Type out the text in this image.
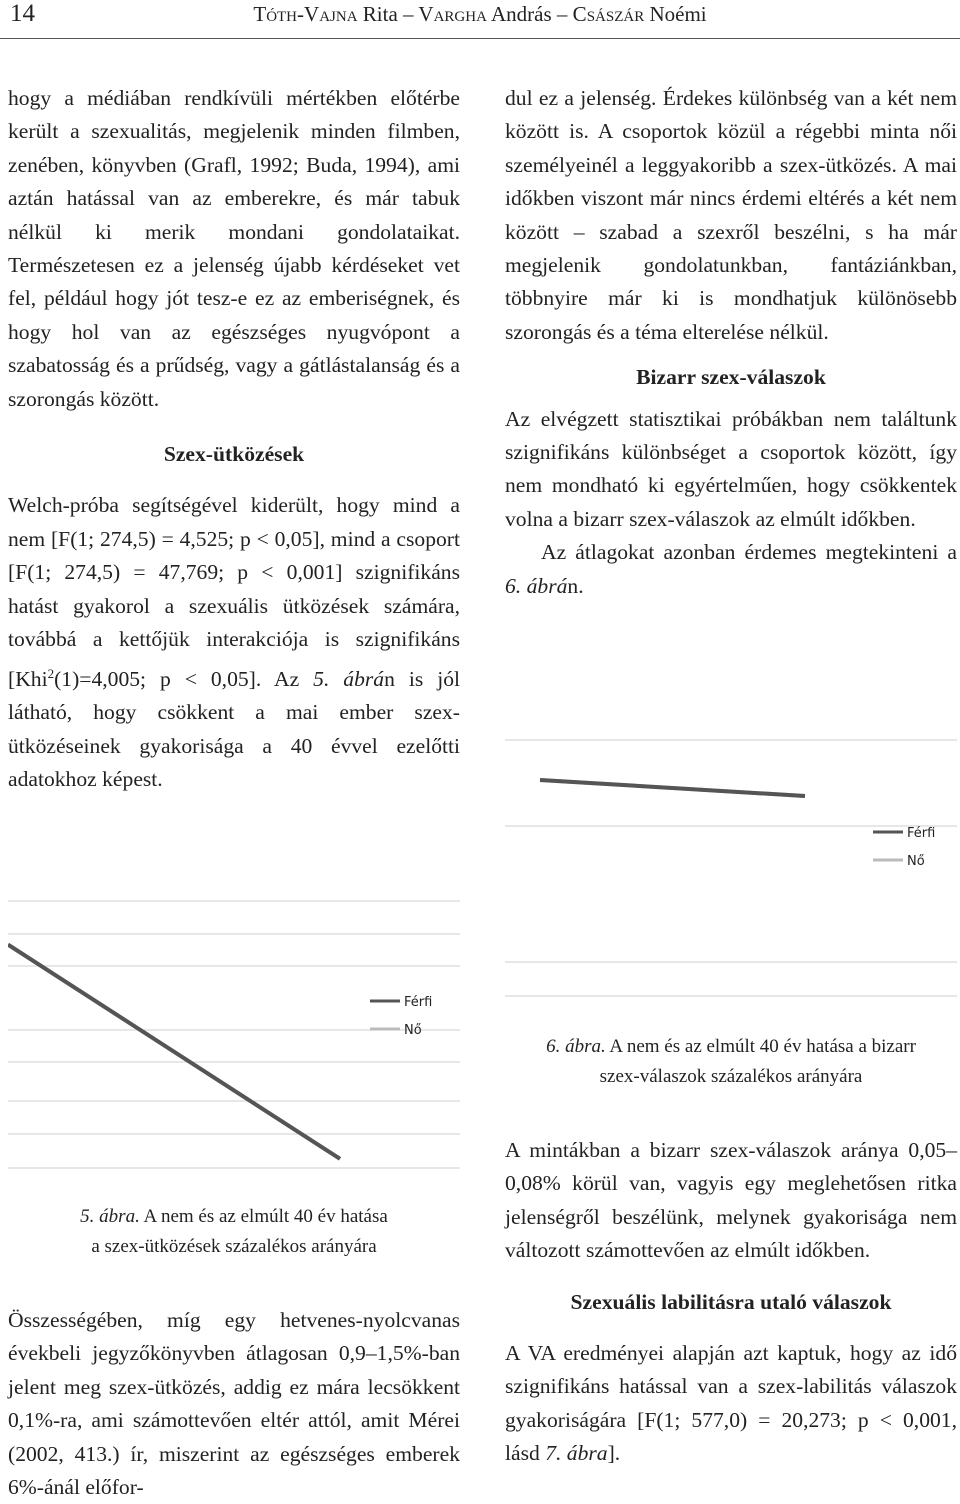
14	Tóth-Vajna Rita – Vargha András – Császár Noémi

hogy a médiában rendkívüli mértékben előtérbe került a szexualitás, megjelenik minden filmben, zenében, könyvben (Grafl, 1992; Buda, 1994), ami aztán hatással van az emberekre, és már tabuk nélkül ki merik mondani gondolataikat. Természetesen ez a jelenség újabb kérdéseket vet fel, például hogy jót tesz-e ez az emberiségnek, és hogy hol van az egészséges nyugvópont a szabatosság és a prűdség, vagy a gátlástalanság és a szorongás között.

Szex-ütközések

Welch-próba segítségével kiderült, hogy mind a nem [F(1; 274,5) = 4,525; p < 0,05], mind a csoport [F(1; 274,5) = 47,769; p < 0,001] szignifikáns hatást gyakorol a szexuális ütközések számára, továbbá a kettőjük interakciója is szignifikáns [Khi$^2$(1)=4,005; p < 0,05]. Az 5. ábrán is jól látható, hogy csökkent a mai ember szex-ütközéseinek gyakorisága a 40 évvel ezelőtti adatokhoz képest.

Férfi
Nő
5. ábra. A nem és az elmúlt 40 év hatása
a szex-ütközések százalékos arányára

Összességében, míg egy hetvenes-nyolcvanas évekbeli jegyzőkönyvben átlagosan 0,9–1,5%-ban jelent meg szex-ütközés, addig ez mára lecsökkent 0,1%-ra, ami számottevően eltér attól, amit Mérei (2002, 413.) ír, miszerint az egészséges emberek 6%-ánál előfor-

dul ez a jelenség. Érdekes különbség van a két nem között is. A csoportok közül a régebbi minta női személyeinél a leggyakoribb a szex-ütközés. A mai időkben viszont már nincs érdemi eltérés a két nem között – szabad a szexről beszélni, s ha már megjelenik gondolatunkban, fantáziánkban, többnyire már ki is mondhatjuk különösebb szorongás és a téma elterelése nélkül.

Bizarr szex-válaszok

Az elvégzett statisztikai próbákban nem találtunk szignifikáns különbséget a csoportok között, így nem mondható ki egyértelműen, hogy csökkentek volna a bizarr szex-válaszok az elmúlt időkben.

Az átlagokat azonban érdemes megtekinteni a 6. ábrán.

Férfi
Nő
6. ábra. A nem és az elmúlt 40 év hatása a bizarr
szex-válaszok százalékos arányára

A mintákban a bizarr szex-válaszok aránya 0,05–0,08% körül van, vagyis egy meglehetősen ritka jelenségről beszélünk, melynek gyakorisága nem változott számottevően az elmúlt időkben.

Szexuális labilitásra utaló válaszok

A VA eredményei alapján azt kaptuk, hogy az idő szignifikáns hatással van a szex-labilitás válaszok gyakoriságára [F(1; 577,0) = 20,273; p < 0,001, lásd 7. ábra].
